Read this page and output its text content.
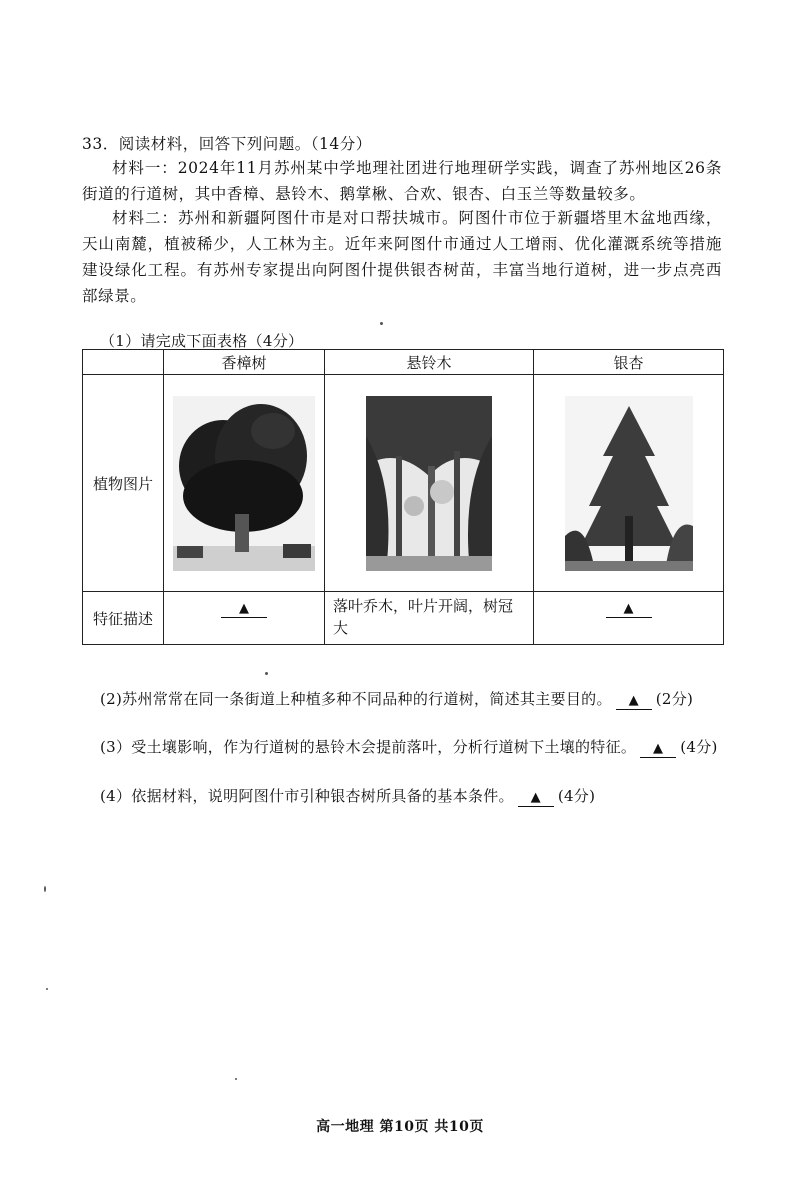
33．阅读材料，回答下列问题。（14分）
材料一：2024年11月苏州某中学地理社团进行地理研学实践，调查了苏州地区26条街道的行道树，其中香樟、悬铃木、鹅掌楸、合欢、银杏、白玉兰等数量较多。
材料二：苏州和新疆阿图什市是对口帮扶城市。阿图什市位于新疆塔里木盆地西缘，天山南麓，植被稀少，人工林为主。近年来阿图什市通过人工增雨、优化灌溉系统等措施建设绿化工程。有苏州专家提出向阿图什提供银杏树苗，丰富当地行道树，进一步点亮西部绿景。
（1）请完成下面表格（4分）
	香樟树	悬铃木	银杏
植物图片	

特征描述	▲	落叶乔木，叶片开阔，树冠大	▲
(2)苏州常常在同一条街道上种植多种不同品种的行道树，简述其主要目的。 ▲ (2分)
(3）受土壤影响，作为行道树的悬铃木会提前落叶，分析行道树下土壤的特征。 ▲ (4分)
(4）依据材料，说明阿图什市引种银杏树所具备的基本条件。 ▲ (4分)
高一地理 第10页 共10页
